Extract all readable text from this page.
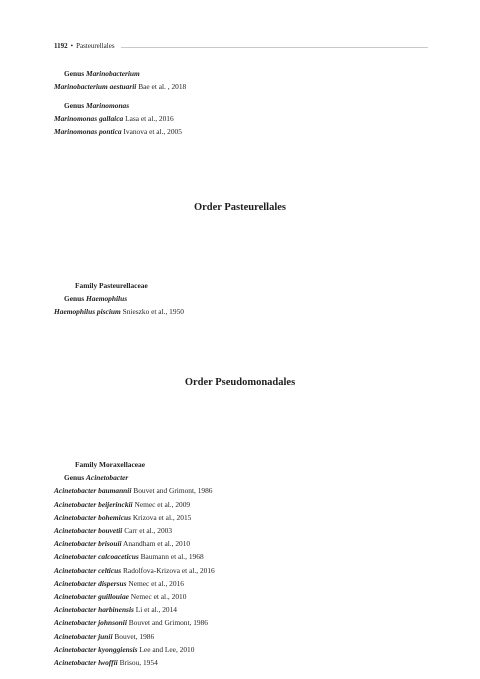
1192 • Pasteurellales
Genus Marinobacterium
Marinobacterium aestuarii Bae et al. , 2018
Genus Marinomonas
Marinomonas gallaica Lasa et al., 2016
Marinomonas pontica Ivanova et al., 2005
Order Pasteurellales
Family Pasteurellaceae
Genus Haemophilus
Haemophilus piscium Snieszko et al., 1950
Order Pseudomonadales
Family Moraxellaceae
Genus Acinetobacter
Acinetobacter baumannii Bouvet and Grimont, 1986
Acinetobacter beijerinckii Nemec et al., 2009
Acinetobacter bohemicus Krizova et al., 2015
Acinetobacter bouvetii Carr et al., 2003
Acinetobacter brisouii Anandham et al., 2010
Acinetobacter calcoaceticus Baumann et al., 1968
Acinetobacter celticus Radolfova-Krizova et al., 2016
Acinetobacter dispersus Nemec et al., 2016
Acinetobacter guillouiae Nemec et al., 2010
Acinetobacter harbinensis Li et al., 2014
Acinetobacter johnsonii Bouvet and Grimont, 1986
Acinetobacter junii Bouvet, 1986
Acinetobacter kyonggiensis Lee and Lee, 2010
Acinetobacter lwoffii Brisou, 1954
